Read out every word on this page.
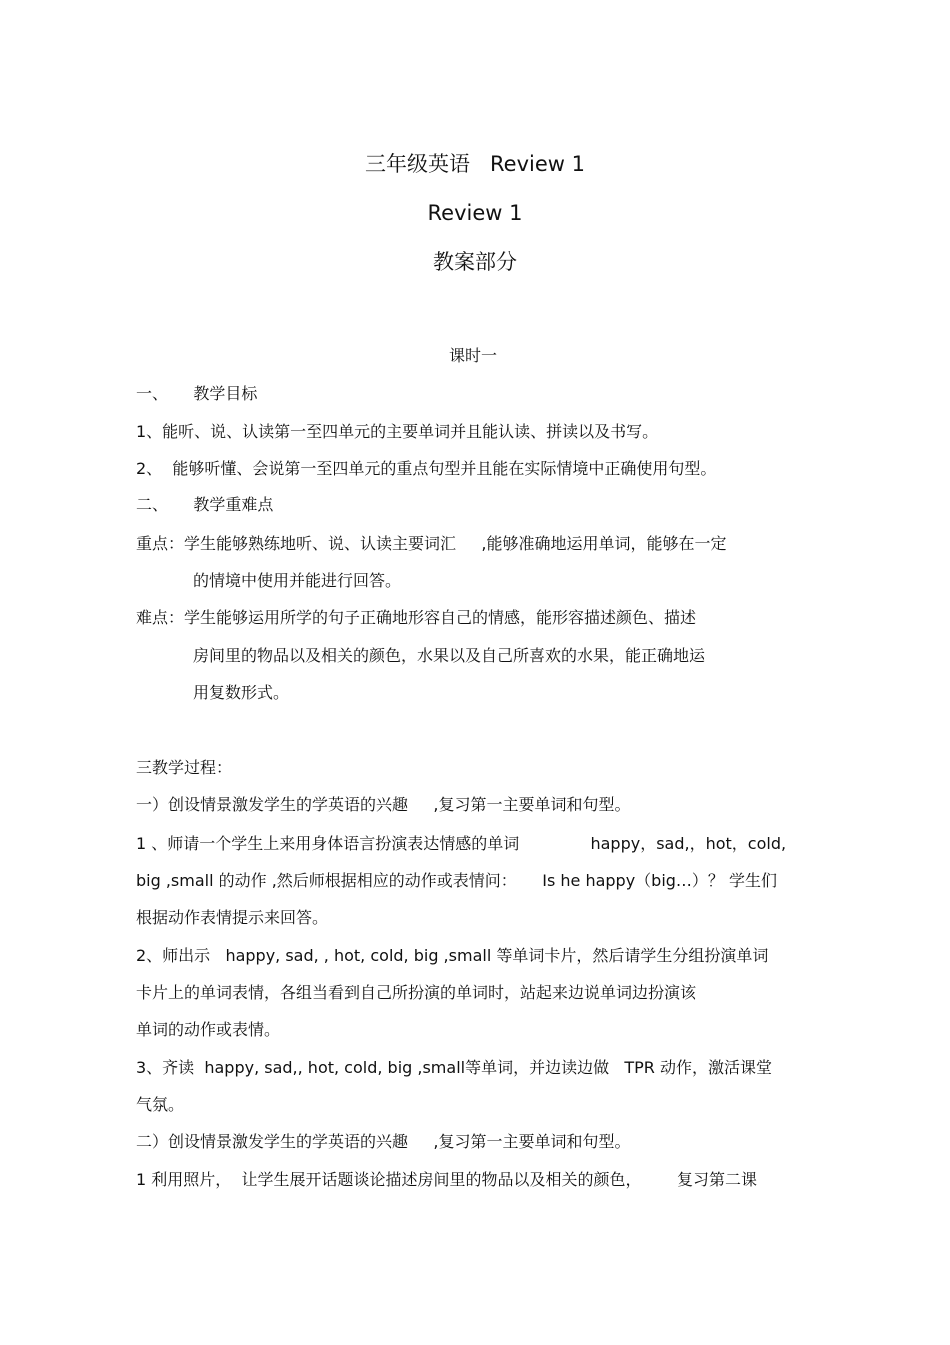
三年级英语   Review 1
Review 1
教案部分
课时一
一、     教学目标
1、能听、说、认读第一至四单元的主要单词并且能认读、拼读以及书写。
2、  能够听懂、会说第一至四单元的重点句型并且能在实际情境中正确使用句型。
二、     教学重难点
重点：学生能够熟练地听、说、认读主要词汇     ,能够准确地运用单词，能够在一定
的情境中使用并能进行回答。
难点：学生能够运用所学的句子正确地形容自己的情感，能形容描述颜色、描述
房间里的物品以及相关的颜色，水果以及自己所喜欢的水果，能正确地运
用复数形式。
三教学过程：
一）创设情景激发学生的学英语的兴趣     ,复习第一主要单词和句型。
1 、师请一个学生上来用身体语言扮演表达情感的单词              happy，sad,，hot，cold,
big ,small 的动作 ,然后师根据相应的动作或表情问：     Is he happy（big…）？ 学生们
根据动作表情提示来回答。
2、师出示   happy, sad, , hot, cold, big ,small 等单词卡片，然后请学生分组扮演单词
卡片上的单词表情，各组当看到自己所扮演的单词时，站起来边说单词边扮演该
单词的动作或表情。
3、齐读  happy, sad,, hot, cold, big ,small等单词，并边读边做   TPR 动作，激活课堂
气氛。
二）创设情景激发学生的学英语的兴趣     ,复习第一主要单词和句型。
1 利用照片，  让学生展开话题谈论描述房间里的物品以及相关的颜色，       复习第二课
